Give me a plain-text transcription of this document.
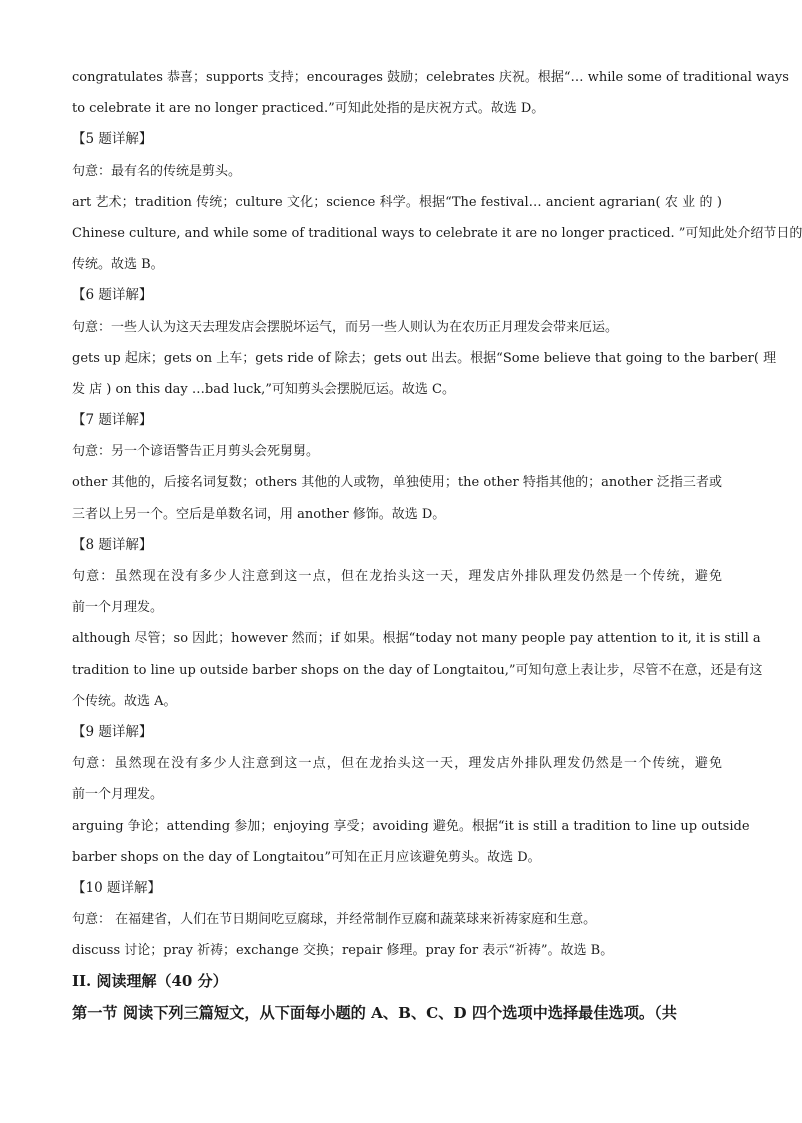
congratulates 恭喜；supports 支持；encourages 鼓励；celebrates 庆祝。根据“… while some of traditional ways
to celebrate it are no longer practiced.”可知此处指的是庆祝方式。故选 D。
【5 题详解】
句意：最有名的传统是剪头。
art 艺术；tradition 传统；culture 文化；science 科学。根据“The festival… ancient agrarian( 农 业 的 )
Chinese culture, and while some of traditional ways to celebrate it are no longer practiced. ”可知此处介绍节日的
传统。故选 B。
【6 题详解】
句意：一些人认为这天去理发店会摆脱坏运气，而另一些人则认为在农历正月理发会带来厄运。
gets up 起床；gets on 上车；gets ride of 除去；gets out 出去。根据“Some believe that going to the barber( 理
发 店 ) on this day …bad luck,”可知剪头会摆脱厄运。故选 C。
【7 题详解】
句意：另一个谚语警告正月剪头会死舅舅。
other 其他的，后接名词复数；others 其他的人或物，单独使用；the other 特指其他的；another 泛指三者或
三者以上另一个。空后是单数名词，用 another 修饰。故选 D。
【8 题详解】
句意：虽然现在没有多少人注意到这一点，但在龙抬头这一天，理发店外排队理发仍然是一个传统，避免
前一个月理发。
although 尽管；so 因此；however 然而；if 如果。根据“today not many people pay attention to it, it is still a
tradition to line up outside barber shops on the day of Longtaitou,”可知句意上表让步，尽管不在意，还是有这
个传统。故选 A。
【9 题详解】
句意：虽然现在没有多少人注意到这一点，但在龙抬头这一天，理发店外排队理发仍然是一个传统，避免
前一个月理发。
arguing 争论；attending 参加；enjoying 享受；avoiding 避免。根据“it is still a tradition to line up outside
barber shops on the day of Longtaitou”可知在正月应该避免剪头。故选 D。
【10 题详解】
句意： 在福建省，人们在节日期间吃豆腐球，并经常制作豆腐和蔬菜球来祈祷家庭和生意。
discuss 讨论；pray 祈祷；exchange 交换；repair 修理。pray for 表示“祈祷”。故选 B。
II. 阅读理解（40 分）
第一节 阅读下列三篇短文，从下面每小题的 A、B、C、D 四个选项中选择最佳选项。（共
